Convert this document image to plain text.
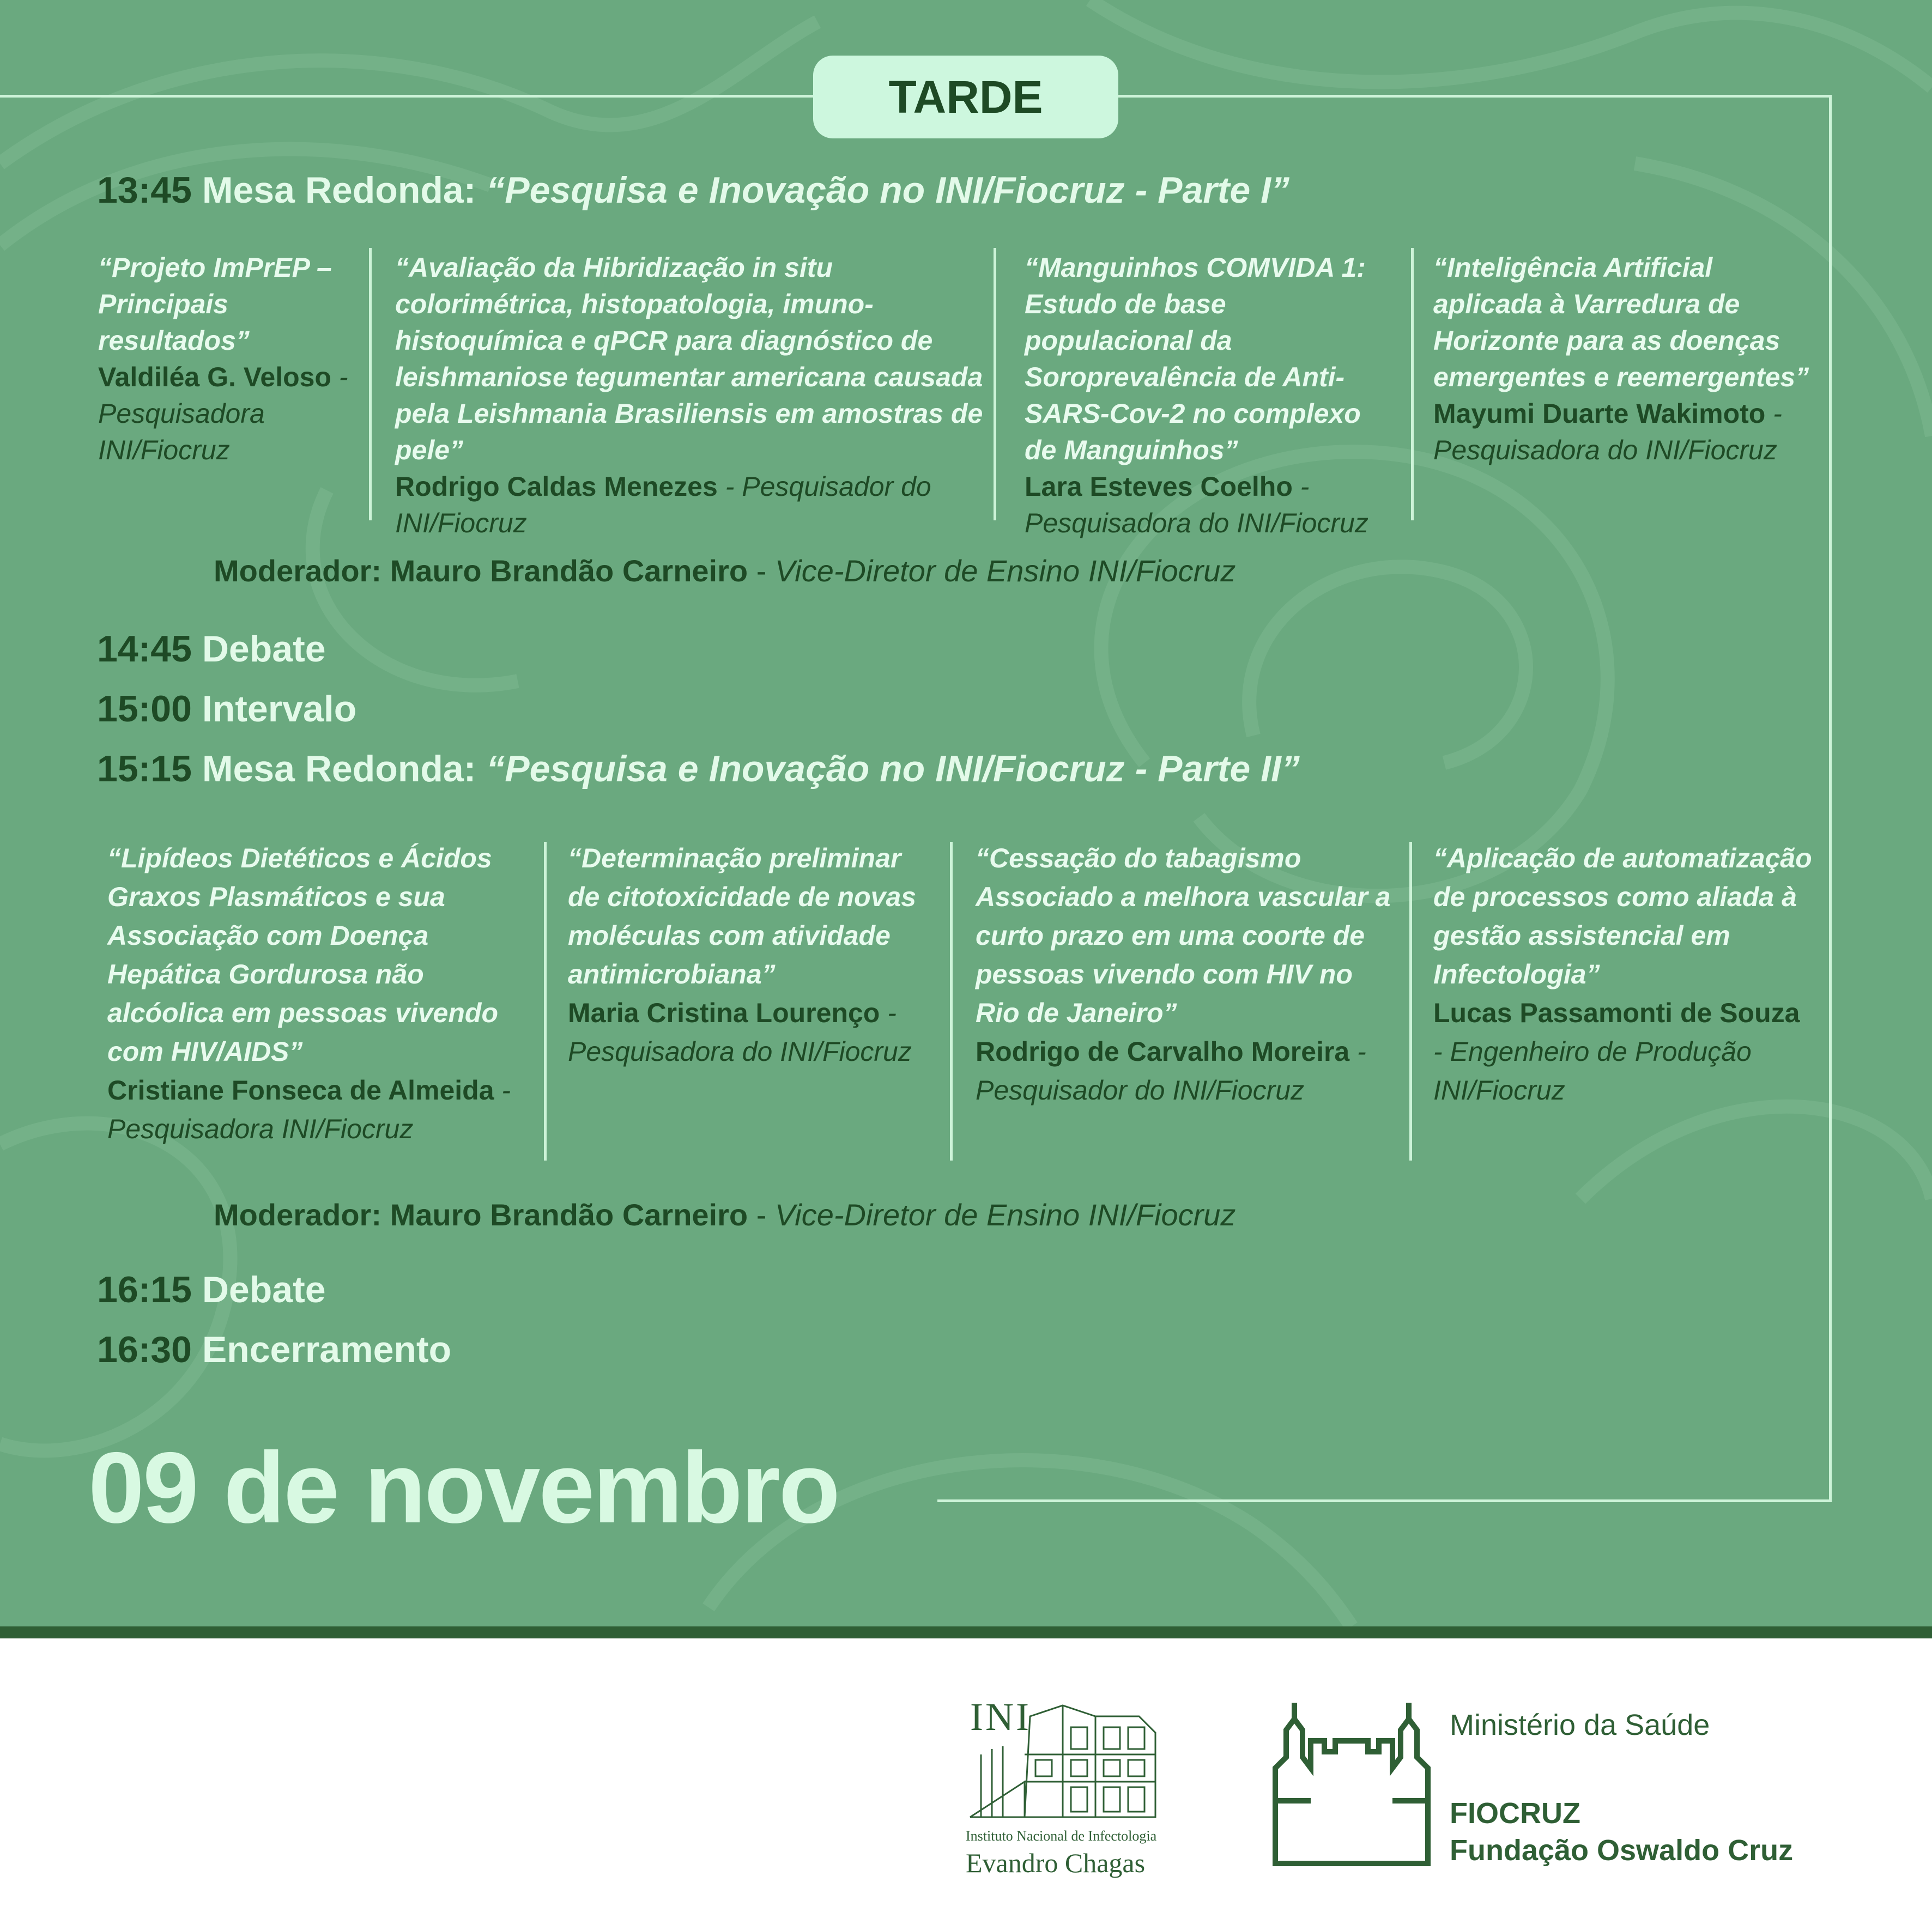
TARDE
13:45 Mesa Redonda: “Pesquisa e Inovação no INI/Fiocruz - Parte I”
“Projeto ImPrEP – Principais resultados”
Valdiléa G. Veloso - Pesquisadora INI/Fiocruz
“Avaliação da Hibridização in situ colorimétrica, histopatologia, imuno-histoquímica e qPCR para diagnóstico de leishmaniose tegumentar americana causada pela Leishmania Brasiliensis em amostras de pele”
Rodrigo Caldas Menezes - Pesquisador do INI/Fiocruz
“Manguinhos COMVIDA 1: Estudo de base populacional da Soroprevalência de Anti-SARS-Cov-2 no complexo de Manguinhos”
Lara Esteves Coelho - Pesquisadora do INI/Fiocruz
“Inteligência Artificial aplicada à Varredura de Horizonte para as doenças emergentes e reemergentes”
Mayumi Duarte Wakimoto - Pesquisadora do INI/Fiocruz
Moderador: Mauro Brandão Carneiro - Vice-Diretor de Ensino INI/Fiocruz
14:45 Debate
15:00 Intervalo
15:15 Mesa Redonda: “Pesquisa e Inovação no INI/Fiocruz - Parte II”
“Lipídeos Dietéticos e Ácidos Graxos Plasmáticos e sua Associação com Doença Hepática Gordurosa não alcóolica em pessoas vivendo com HIV/AIDS”
Cristiane Fonseca de Almeida - Pesquisadora INI/Fiocruz
“Determinação preliminar de citotoxicidade de novas moléculas com atividade antimicrobiana”
Maria Cristina Lourenço - Pesquisadora do INI/Fiocruz
“Cessação do tabagismo Associado a melhora vascular a curto prazo em uma coorte de pessoas vivendo com HIV no Rio de Janeiro”
Rodrigo de Carvalho Moreira - Pesquisador do INI/Fiocruz
“Aplicação de automatização de processos como aliada à gestão assistencial em Infectologia”
Lucas Passamonti de Souza - Engenheiro de Produção INI/Fiocruz
Moderador: Mauro Brandão Carneiro - Vice-Diretor de Ensino INI/Fiocruz
16:15 Debate
16:30 Encerramento
09 de novembro
INI
Instituto Nacional de Infectologia
Evandro Chagas
Ministério da Saúde
FIOCRUZ
Fundação Oswaldo Cruz
